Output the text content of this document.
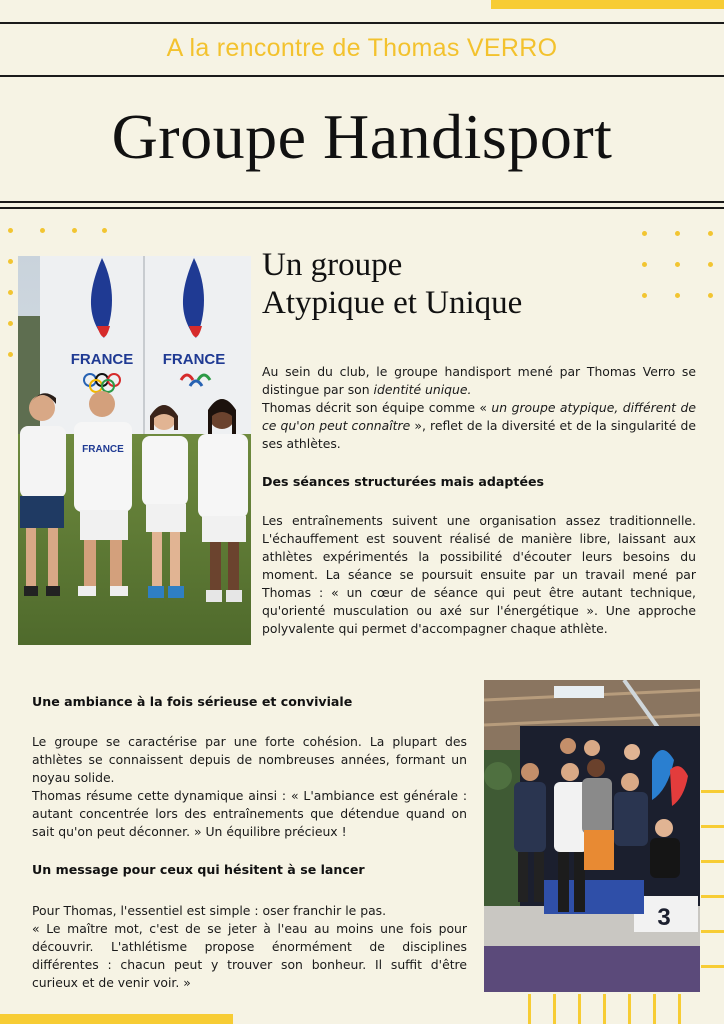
A la rencontre de Thomas VERRO
Groupe Handisport
FRANCE FRANCE
FRANCE
Un groupe
Atypique et Unique

Au sein du club, le groupe handisport mené par Thomas Verro se distingue par son identité unique.

Thomas décrit son équipe comme « un groupe atypique, différent de ce qu'on peut connaître », reflet de la diversité et de la singularité de ses athlètes.

Des séances structurées mais adaptées

Les entraînements suivent une organisation assez traditionnelle. L'échauffement est souvent réalisé de manière libre, laissant aux athlètes expérimentés la possibilité d'écouter leurs besoins du moment. La séance se poursuit ensuite par un travail mené par Thomas : « un cœur de séance qui peut être autant technique, qu'orienté musculation ou axé sur l'énergétique ». Une approche polyvalente qui permet d'accompagner chaque athlète.

Une ambiance à la fois sérieuse et conviviale

Le groupe se caractérise par une forte cohésion. La plupart des athlètes se connaissent depuis de nombreuses années, formant un noyau solide.

Thomas résume cette dynamique ainsi : « L'ambiance est générale : autant concentrée lors des entraînements que détendue quand on sait qu'on peut déconner. » Un équilibre précieux !

Un message pour ceux qui hésitent à se lancer

Pour Thomas, l'essentiel est simple : oser franchir le pas.

« Le maître mot, c'est de se jeter à l'eau au moins une fois pour découvrir. L'athlétisme propose énormément de disciplines différentes : chacun peut y trouver son bonheur. Il suffit d'être curieux et de venir voir. »

3
